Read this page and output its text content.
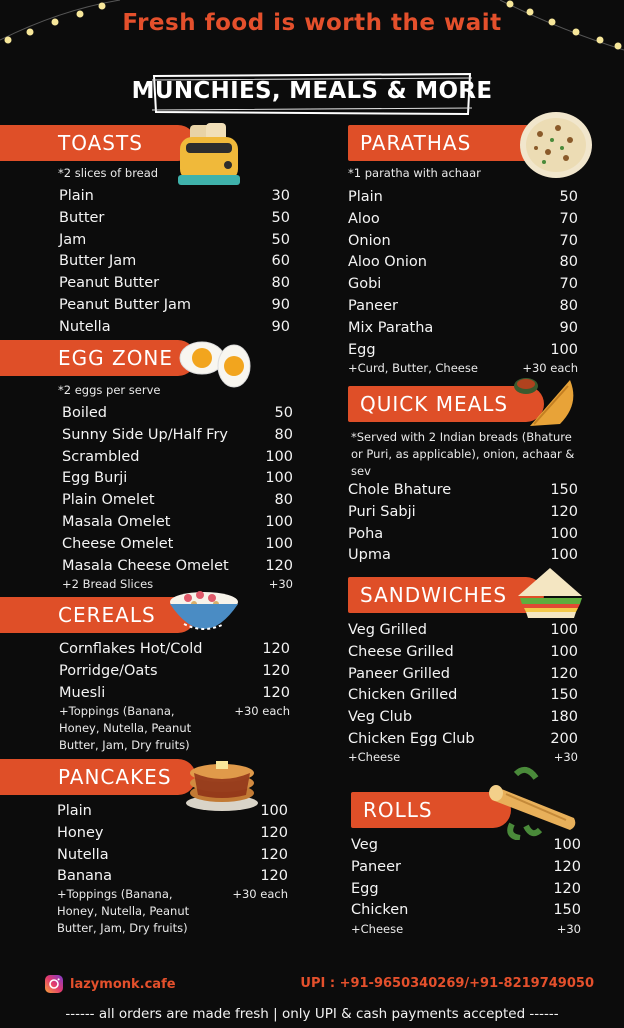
Fresh food is worth the wait
MUNCHIES, MEALS & MORE
TOASTS
*2 slices of bread
Plain	30
Butter	50
Jam	50
Butter Jam	60
Peanut Butter	80
Peanut Butter Jam	90
Nutella	90
EGG ZONE
*2 eggs per serve
Boiled	50
Sunny Side Up/Half Fry	80
Scrambled	100
Egg Burji	100
Plain Omelet	80
Masala Omelet	100
Cheese Omelet	100
Masala Cheese Omelet	120
+2 Bread Slices	+30
CEREALS
Cornflakes Hot/Cold	120
Porridge/Oats	120
Muesli	120
+Toppings (Banana,
Honey, Nutella, Peanut
Butter, Jam, Dry fruits)
+30 each
PANCAKES
Plain	100
Honey	120
Nutella	120
Banana	120
+Toppings (Banana,
Honey, Nutella, Peanut
Butter, Jam, Dry fruits)
+30 each
PARATHAS
*1 paratha with achaar
Plain	50
Aloo	70
Onion	70
Aloo Onion	80
Gobi	70
Paneer	80
Mix Paratha	90
Egg	100
+Curd, Butter, Cheese	+30 each
QUICK MEALS
*Served with 2 Indian breads (Bhature
or Puri, as applicable), onion, achaar &
sev
Chole Bhature	150
Puri Sabji	120
Poha	100
Upma	100
SANDWICHES
Veg Grilled	100
Cheese Grilled	100
Paneer Grilled	120
Chicken Grilled	150
Veg Club	180
Chicken Egg Club	200
+Cheese	+30
ROLLS
Veg	100
Paneer	120
Egg	120
Chicken	150
+Cheese	+30
lazymonk.cafe	UPI : +91-9650340269/+91-8219749050
------ all orders are made fresh | only UPI & cash payments accepted ------
